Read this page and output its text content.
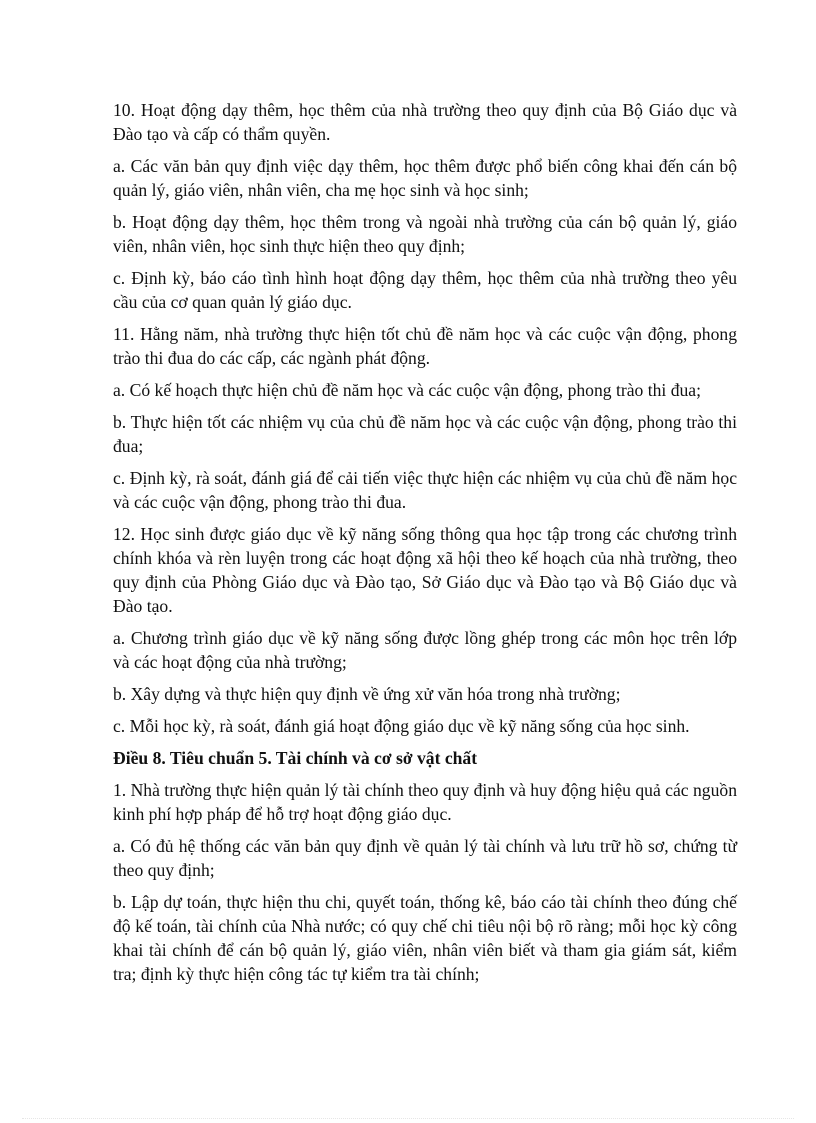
10. Hoạt động dạy thêm, học thêm của nhà trường theo quy định của Bộ Giáo dục và Đào tạo và cấp có thẩm quyền.

a. Các văn bản quy định việc dạy thêm, học thêm được phổ biến công khai đến cán bộ quản lý, giáo viên, nhân viên, cha mẹ học sinh và học sinh;

b. Hoạt động dạy thêm, học thêm trong và ngoài nhà trường của cán bộ quản lý, giáo viên, nhân viên, học sinh thực hiện theo quy định;

c. Định kỳ, báo cáo tình hình hoạt động dạy thêm, học thêm của nhà trường theo yêu cầu của cơ quan quản lý giáo dục.

11. Hằng năm, nhà trường thực hiện tốt chủ đề năm học và các cuộc vận động, phong trào thi đua do các cấp, các ngành phát động.

a. Có kế hoạch thực hiện chủ đề năm học và các cuộc vận động, phong trào thi đua;

b. Thực hiện tốt các nhiệm vụ của chủ đề năm học và các cuộc vận động, phong trào thi đua;

c. Định kỳ, rà soát, đánh giá để cải tiến việc thực hiện các nhiệm vụ của chủ đề năm học và các cuộc vận động, phong trào thi đua.

12. Học sinh được giáo dục về kỹ năng sống thông qua học tập trong các chương trình chính khóa và rèn luyện trong các hoạt động xã hội theo kế hoạch của nhà trường, theo quy định của Phòng Giáo dục và Đào tạo, Sở Giáo dục và Đào tạo và Bộ Giáo dục và Đào tạo.

a. Chương trình giáo dục về kỹ năng sống được lồng ghép trong các môn học trên lớp và các hoạt động của nhà trường;

b. Xây dựng và thực hiện quy định về ứng xử văn hóa trong nhà trường;

c. Mỗi học kỳ, rà soát, đánh giá hoạt động giáo dục về kỹ năng sống của học sinh.

Điều 8. Tiêu chuẩn 5. Tài chính và cơ sở vật chất

1. Nhà trường thực hiện quản lý tài chính theo quy định và huy động hiệu quả các nguồn kinh phí hợp pháp để hỗ trợ hoạt động giáo dục.

a. Có đủ hệ thống các văn bản quy định về quản lý tài chính và lưu trữ hồ sơ, chứng từ theo quy định;

b. Lập dự toán, thực hiện thu chi, quyết toán, thống kê, báo cáo tài chính theo đúng chế độ kế toán, tài chính của Nhà nước; có quy chế chi tiêu nội bộ rõ ràng; mỗi học kỳ công khai tài chính để cán bộ quản lý, giáo viên, nhân viên biết và tham gia giám sát, kiểm tra; định kỳ thực hiện công tác tự kiểm tra tài chính;
